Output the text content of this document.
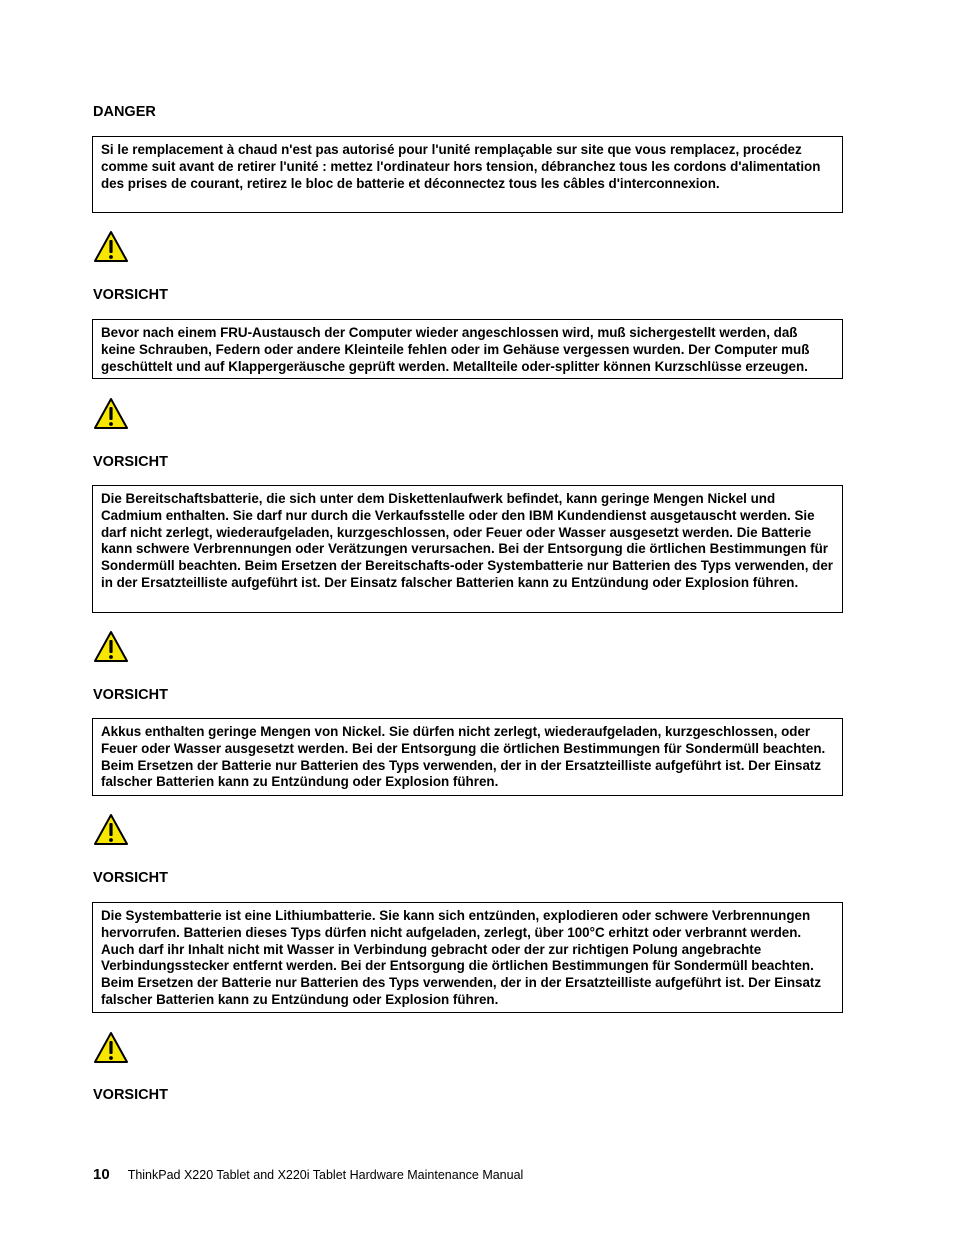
DANGER

Si le remplacement à chaud n'est pas autorisé pour l'unité remplaçable sur site que vous remplacez, procédez comme suit avant de retirer l'unité : mettez l'ordinateur hors tension, débranchez tous les cordons d'alimentation des prises de courant, retirez le bloc de batterie et déconnectez tous les câbles d'interconnexion.

VORSICHT

Bevor nach einem FRU-Austausch der Computer wieder angeschlossen wird, muß sichergestellt werden, daß keine Schrauben, Federn oder andere Kleinteile fehlen oder im Gehäuse vergessen wurden. Der Computer muß geschüttelt und auf Klappergeräusche geprüft werden. Metallteile oder-splitter können Kurzschlüsse erzeugen.

VORSICHT

Die Bereitschaftsbatterie, die sich unter dem Diskettenlaufwerk befindet, kann geringe Mengen Nickel und Cadmium enthalten. Sie darf nur durch die Verkaufsstelle oder den IBM Kundendienst ausgetauscht werden. Sie darf nicht zerlegt, wiederaufgeladen, kurzgeschlossen, oder Feuer oder Wasser ausgesetzt werden. Die Batterie kann schwere Verbrennungen oder Verätzungen verursachen. Bei der Entsorgung die örtlichen Bestimmungen für Sondermüll beachten. Beim Ersetzen der Bereitschafts-oder Systembatterie nur Batterien des Typs verwenden, der in der Ersatzteilliste aufgeführt ist. Der Einsatz falscher Batterien kann zu Entzündung oder Explosion führen.

VORSICHT

Akkus enthalten geringe Mengen von Nickel. Sie dürfen nicht zerlegt, wiederaufgeladen, kurzgeschlossen, oder Feuer oder Wasser ausgesetzt werden. Bei der Entsorgung die örtlichen Bestimmungen für Sondermüll beachten. Beim Ersetzen der Batterie nur Batterien des Typs verwenden, der in der Ersatzteilliste aufgeführt ist. Der Einsatz falscher Batterien kann zu Entzündung oder Explosion führen.

VORSICHT

Die Systembatterie ist eine Lithiumbatterie. Sie kann sich entzünden, explodieren oder schwere Verbrennungen hervorrufen. Batterien dieses Typs dürfen nicht aufgeladen, zerlegt, über 100°C erhitzt oder verbrannt werden. Auch darf ihr Inhalt nicht mit Wasser in Verbindung gebracht oder der zur richtigen Polung angebrachte Verbindungsstecker entfernt werden. Bei der Entsorgung die örtlichen Bestimmungen für Sondermüll beachten. Beim Ersetzen der Batterie nur Batterien des Typs verwenden, der in der Ersatzteilliste aufgeführt ist. Der Einsatz falscher Batterien kann zu Entzündung oder Explosion führen.

VORSICHT
10 ThinkPad X220 Tablet and X220i Tablet Hardware Maintenance Manual
